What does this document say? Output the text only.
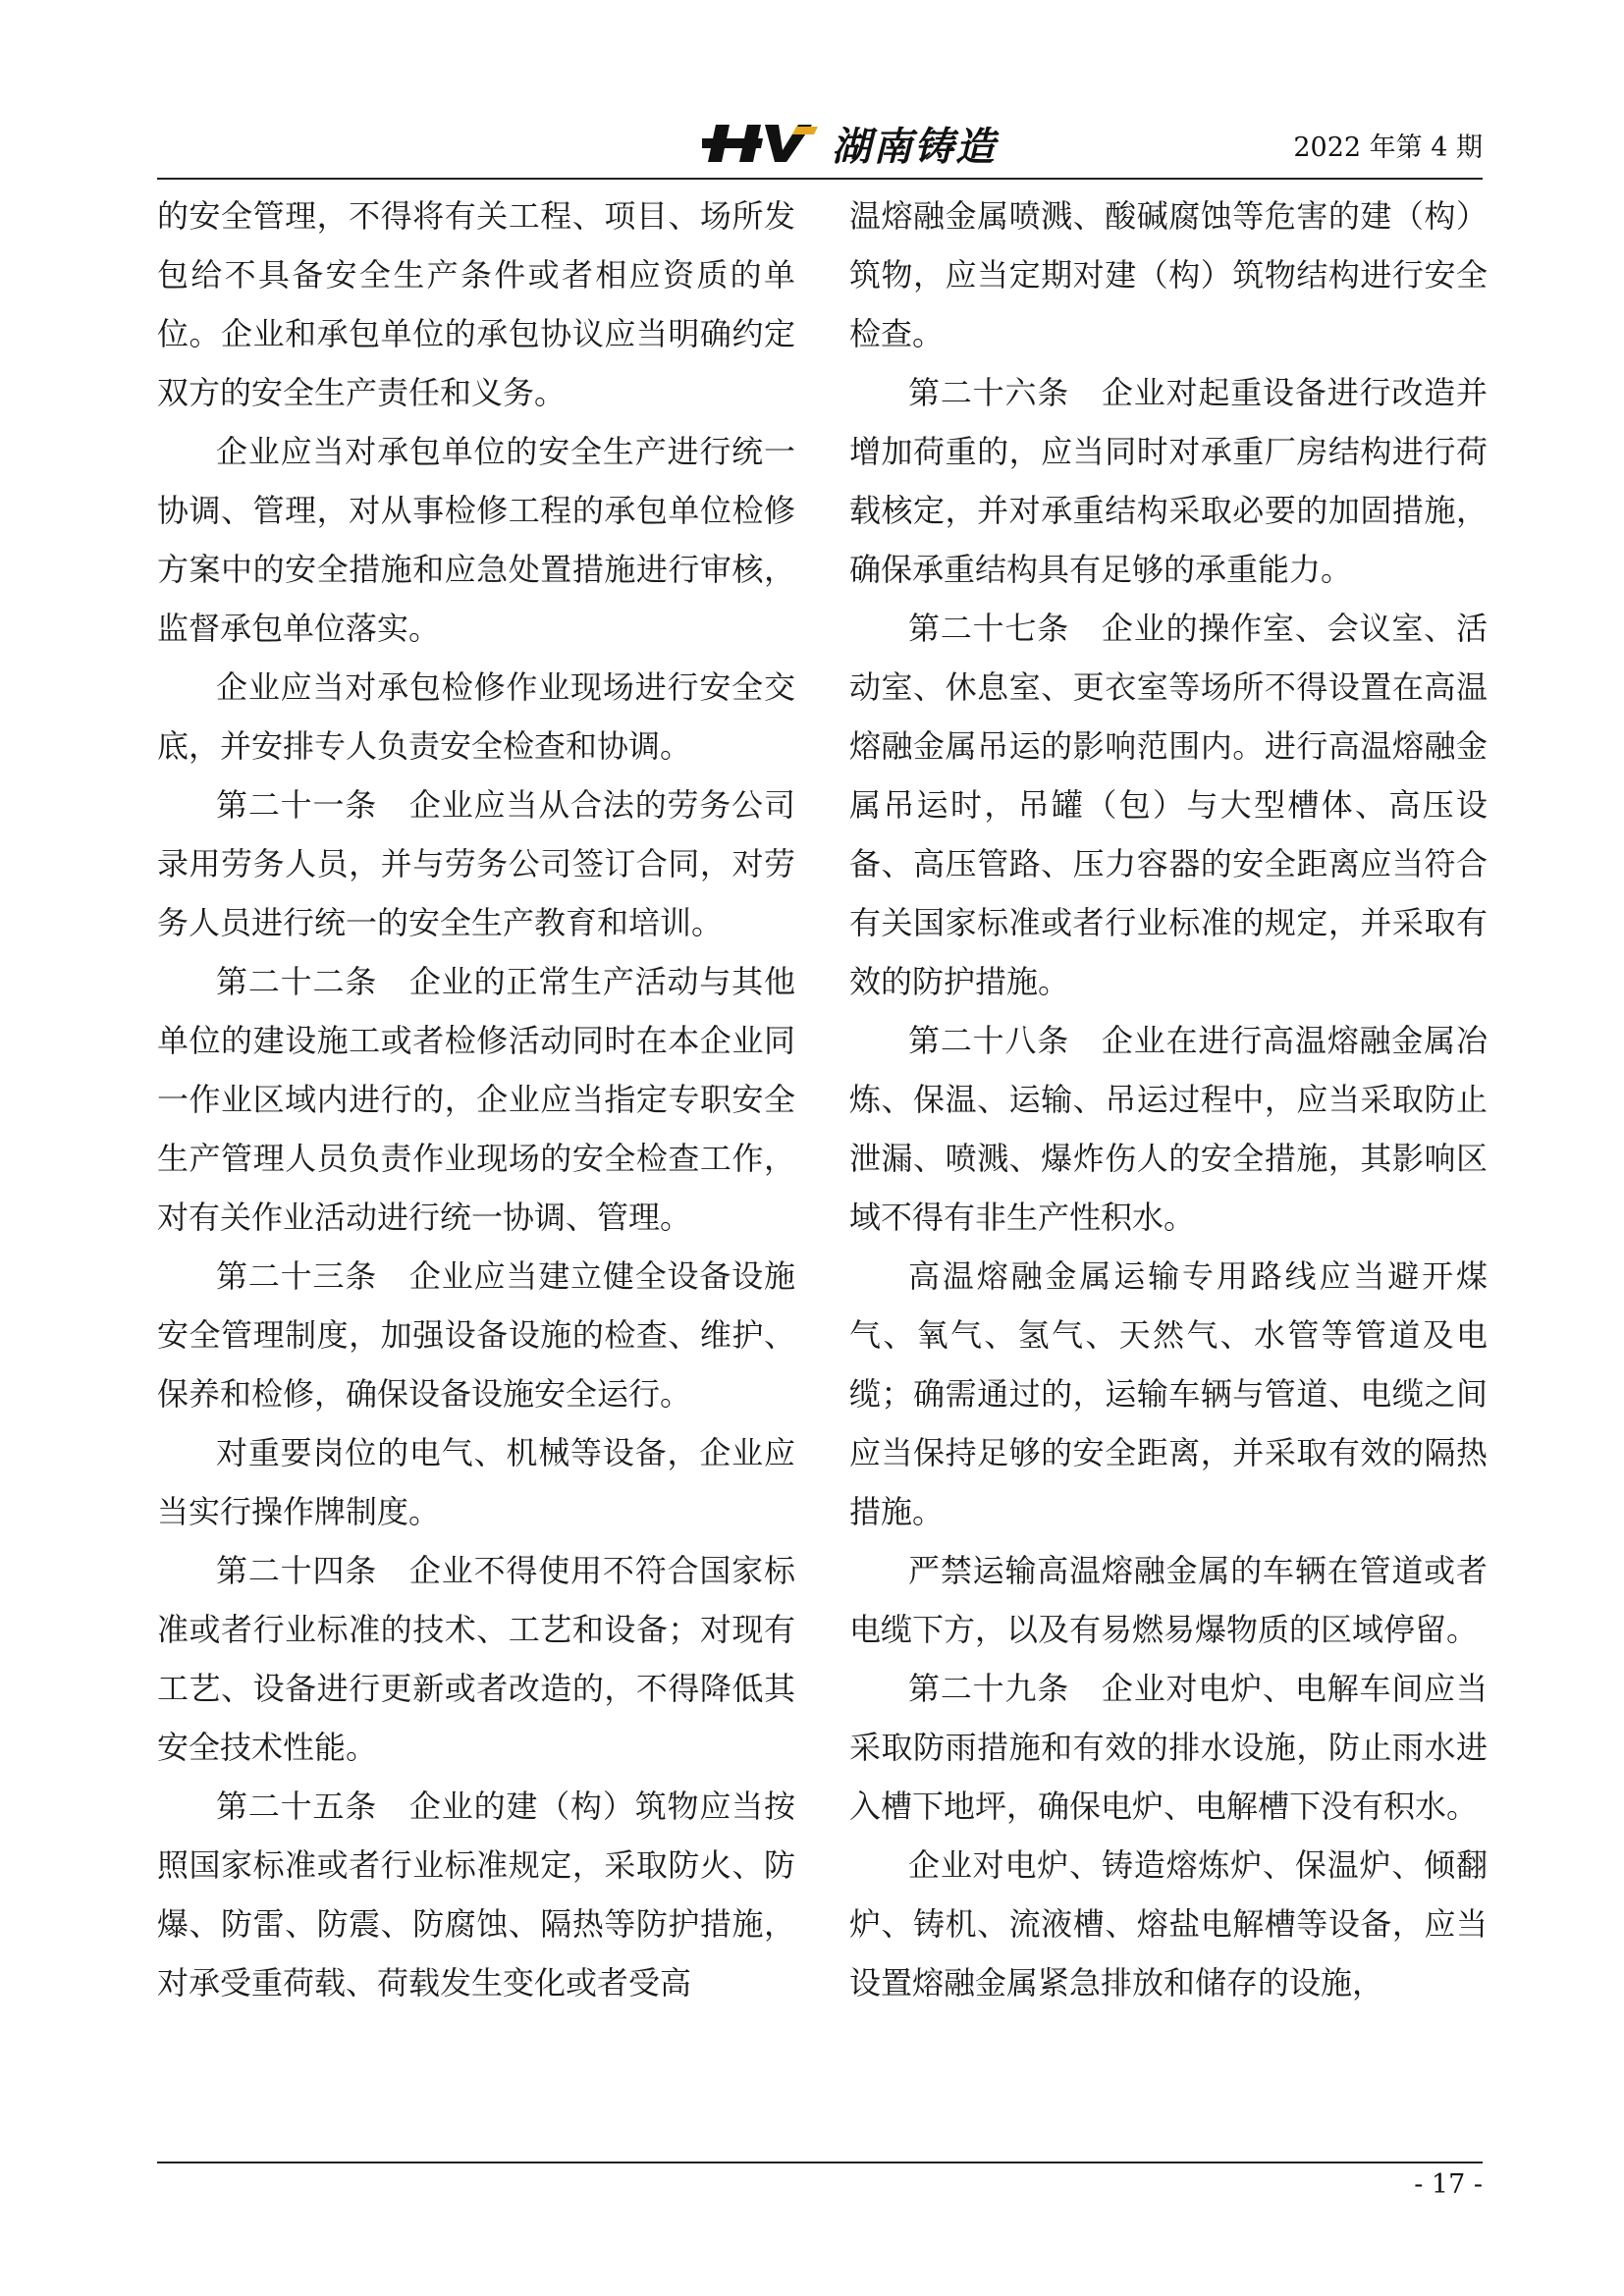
湖南铸造	2022 年第 4 期

的安全管理，不得将有关工程、项目、场所发包给不具备安全生产条件或者相应资质的单位。企业和承包单位的承包协议应当明确约定双方的安全生产责任和义务。

企业应当对承包单位的安全生产进行统一协调、管理，对从事检修工程的承包单位检修方案中的安全措施和应急处置措施进行审核，监督承包单位落实。

企业应当对承包检修作业现场进行安全交底，并安排专人负责安全检查和协调。

第二十一条　企业应当从合法的劳务公司录用劳务人员，并与劳务公司签订合同，对劳务人员进行统一的安全生产教育和培训。

第二十二条　企业的正常生产活动与其他单位的建设施工或者检修活动同时在本企业同一作业区域内进行的，企业应当指定专职安全生产管理人员负责作业现场的安全检查工作，对有关作业活动进行统一协调、管理。

第二十三条　企业应当建立健全设备设施安全管理制度，加强设备设施的检查、维护、保养和检修，确保设备设施安全运行。

对重要岗位的电气、机械等设备，企业应当实行操作牌制度。

第二十四条　企业不得使用不符合国家标准或者行业标准的技术、工艺和设备；对现有工艺、设备进行更新或者改造的，不得降低其安全技术性能。

第二十五条　企业的建（构）筑物应当按照国家标准或者行业标准规定，采取防火、防爆、防雷、防震、防腐蚀、隔热等防护措施，对承受重荷载、荷载发生变化或者受高

温熔融金属喷溅、酸碱腐蚀等危害的建（构）筑物，应当定期对建（构）筑物结构进行安全检查。

第二十六条　企业对起重设备进行改造并增加荷重的，应当同时对承重厂房结构进行荷载核定，并对承重结构采取必要的加固措施，确保承重结构具有足够的承重能力。

第二十七条　企业的操作室、会议室、活动室、休息室、更衣室等场所不得设置在高温熔融金属吊运的影响范围内。进行高温熔融金属吊运时，吊罐（包）与大型槽体、高压设备、高压管路、压力容器的安全距离应当符合有关国家标准或者行业标准的规定，并采取有效的防护措施。

第二十八条　企业在进行高温熔融金属冶炼、保温、运输、吊运过程中，应当采取防止泄漏、喷溅、爆炸伤人的安全措施，其影响区域不得有非生产性积水。

高温熔融金属运输专用路线应当避开煤气、氧气、氢气、天然气、水管等管道及电缆；确需通过的，运输车辆与管道、电缆之间应当保持足够的安全距离，并采取有效的隔热措施。

严禁运输高温熔融金属的车辆在管道或者电缆下方，以及有易燃易爆物质的区域停留。

第二十九条　企业对电炉、电解车间应当采取防雨措施和有效的排水设施，防止雨水进入槽下地坪，确保电炉、电解槽下没有积水。

企业对电炉、铸造熔炼炉、保温炉、倾翻炉、铸机、流液槽、熔盐电解槽等设备，应当设置熔融金属紧急排放和储存的设施，

- 17 -
